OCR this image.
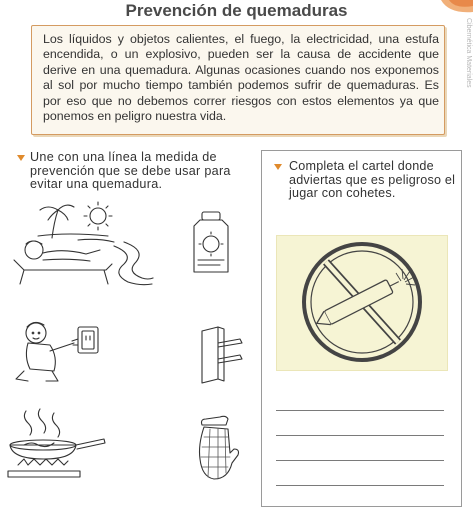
Prevención de quemaduras
Cibernética Materiales
Los líquidos y objetos calientes, el fuego, la electricidad, una estufa encendida, o un explosivo, pueden ser la causa de accidente que derive en una quemadura. Algunas ocasiones cuando nos exponemos al sol por mucho tiempo también podemos sufrir de quemaduras. Es por eso que no debemos correr riesgos con estos elementos ya que ponemos en peligro nuestra vida.
Une con una línea la medida de prevención que se debe usar para evitar una quemadura.
Completa el cartel donde adviertas que es peligroso el jugar con cohetes.
